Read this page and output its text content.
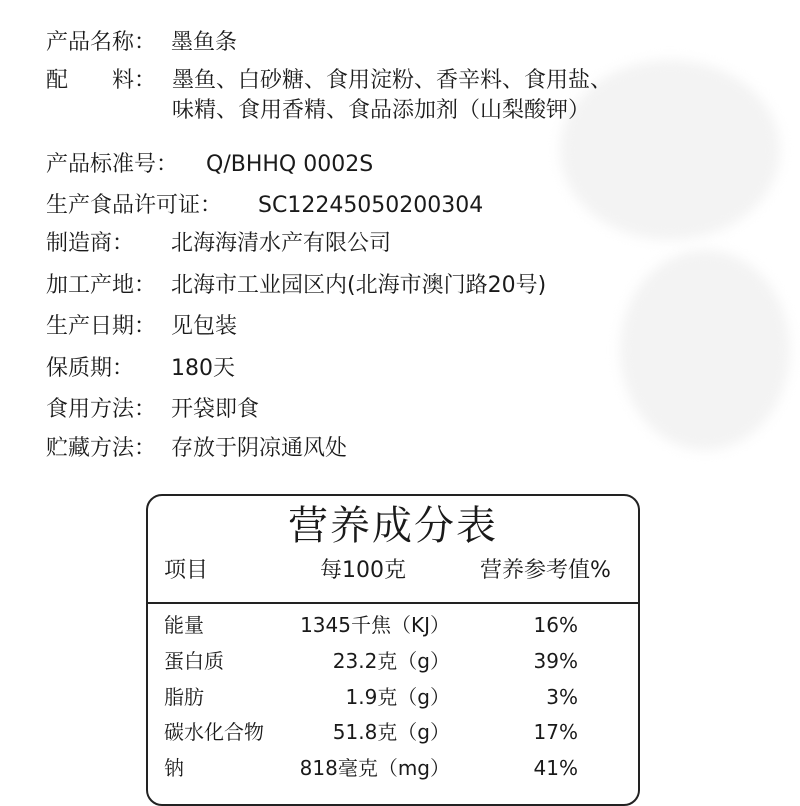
产品名称： 墨鱼条
配　　料： 墨鱼、白砂糖、食用淀粉、香辛料、食用盐、味精、食用香精、食品添加剂（山梨酸钾）
产品标准号： Q/BHHQ 0002S
生产食品许可证： SC12245050200304
制造商： 北海海清水产有限公司
加工产地： 北海市工业园区内(北海市澳门路20号)
生产日期： 见包装
保质期： 180天
食用方法： 开袋即食
贮藏方法： 存放于阴凉通风处
营养成分表
项目	每100克	营养参考值%
能量	1345千焦（KJ）	16%
蛋白质	23.2克（g）	39%
脂肪	1.9克（g）	3%
碳水化合物	51.8克（g）	17%
钠	818毫克（mg）	41%
